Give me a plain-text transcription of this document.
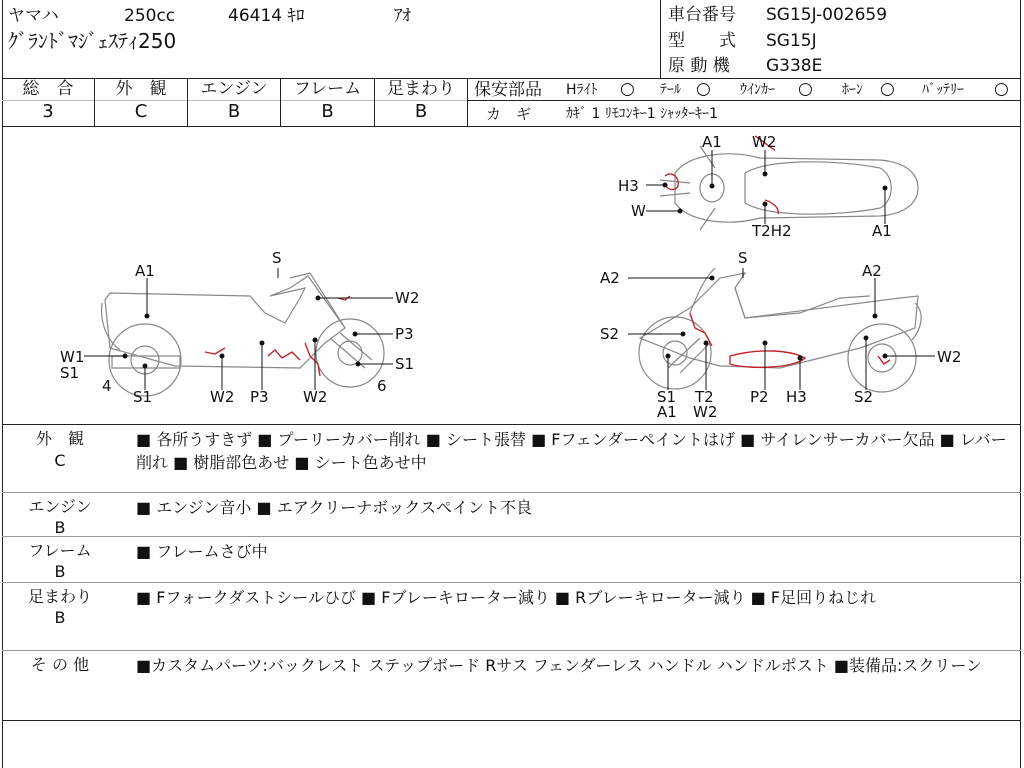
ヤマハ	250cc	46414 ｷﾛ	ｱｵ
ｸﾞﾗﾝﾄﾞﾏｼﾞｪｽﾃｨ250
車台番号 SG15J-002659
型　　式 SG15J
原 動 機 G338E
総　合
3
外　観
C
エンジン
B
フレーム
B
足まわり
B
保安部品 Hﾗｲﾄ ○ ﾃｰﾙ ○ ｳｲﾝｶｰ ○ ﾎｰﾝ ○ ﾊﾞｯﾃﾘｰ ○
カ　ギ ｶｷﾞ 1 ﾘﾓｺﾝｷｰ1 ｼｬｯﾀｰｷｰ1
A1 W2
H3
W
T2H2	A1
A1
S
W2
P3
W1
S1
4
S1	W2 P3 W2
S1
6
A2
S
A2
S2
W2
S1
A1
T2
W2
P2 H3	S2
外　観
C
■ 各所うすきず ■ プーリーカバー削れ ■ シート張替 ■ Fフェンダーペイントはげ ■ サイレンサーカバー欠品 ■ レバー削れ ■ 樹脂部色あせ ■ シート色あせ中
エンジン
B
■ エンジン音小 ■ エアクリーナボックスペイント不良
フレーム
B
■ フレームさび中
足まわり
B
■ Fフォークダストシールひび ■ Fブレーキローター減り ■ Rブレーキローター減り ■ F足回りねじれ
そ の 他	■カスタムパーツ:バックレスト ステップボード Rサス フェンダーレス ハンドル ハンドルポスト ■装備品:スクリーン
